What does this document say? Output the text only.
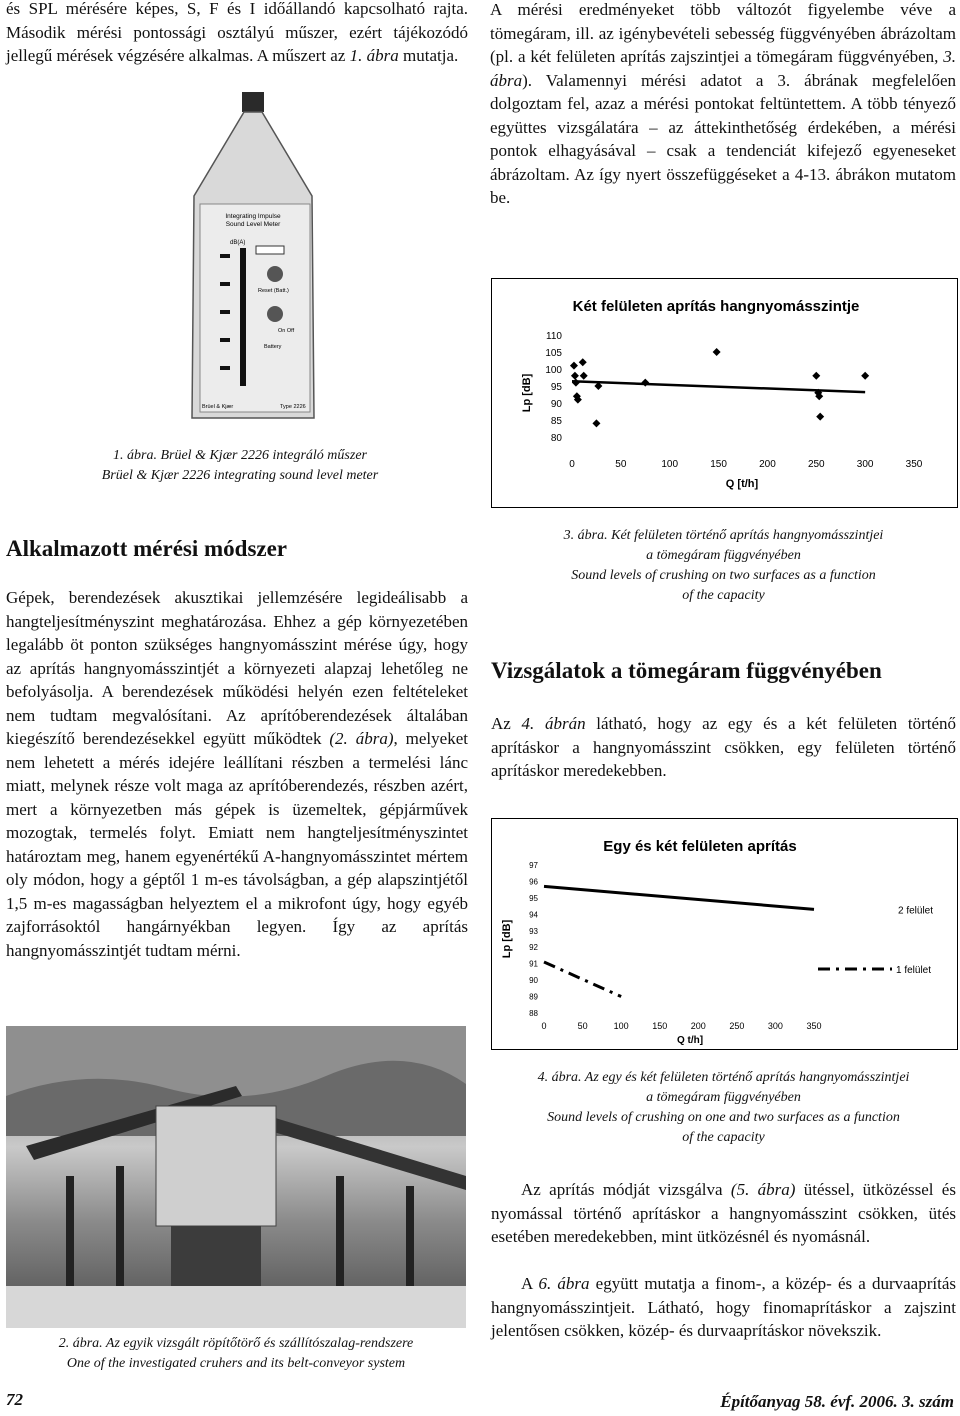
és SPL mérésére képes, S, F és I időállandó kapcsolható rajta. Második mérési pontossági osztályú műszer, ezért tájékozódó jellegű mérések végzésére alkalmas. A műszert az 1. ábra mutatja.
A mérési eredményeket több változót figyelembe véve a tömegáram, ill. az igénybevételi sebesség függvényében ábrázoltam (pl. a két felületen aprítás zajszintjei a tömegáram függvényében, 3. ábra). Valamennyi mérési adatot a 3. ábrának megfelelően dolgoztam fel, azaz a mérési pontokat feltüntettem. A több tényező együttes vizsgálatára – az áttekinthetőség érdekében, a mérési pontok elhagyásával – csak a tendenciát kifejező egyeneseket ábrázoltam. Az így nyert összefüggéseket a 4-13. ábrákon mutatom be.
Integrating Impulse
Sound Level Meter
dB(A)
Reset (Batt.)
On Off
Battery
Brüel & Kjær	Type 2226
1. ábra. Brüel & Kjær 2226 integráló műszer
Brüel & Kjær 2226 integrating sound level meter
Két felületen aprítás hangnyomásszintje
Lp [dB]
Q [t/h]
80
85
90
95
100
105
110
0	50	100	150	200	250	300	350
3. ábra. Két felületen történő aprítás hangnyomásszintjei
a tömegáram függvényében
Sound levels of crushing on two surfaces as a function
of the capacity
Alkalmazott mérési módszer
Gépek, berendezések akusztikai jellemzésére legideálisabb a hangteljesítményszint meghatározása. Ehhez a gép környezetében legalább öt ponton szükséges hangnyomásszint mérése úgy, hogy az aprítás hangnyomásszintjét a környezeti alapzaj lehetőleg ne befolyásolja. A berendezések működési helyén ezen feltételeket nem tudtam megvalósítani. Az aprítóberendezések általában kiegészítő berendezésekkel együtt működtek (2. ábra), melyeket nem lehetett a mérés idejére leállítani részben a termelési lánc miatt, melynek része volt maga az aprítóberendezés, részben azért, mert a környezetben más gépek is üzemeltek, gépjárművek mozogtak, termelés folyt. Emiatt nem hangteljesítményszintet határoztam meg, hanem egyenértékű A-hangnyomásszintet mértem oly módon, hogy a géptől 1 m-es távolságban, a gép alapszintjétől 1,5 m-es magasságban helyeztem el a mikrofont úgy, hogy egyéb zajforrásoktól hangárnyékban legyen. Így az aprítás hangnyomásszintjét tudtam mérni.
Vizsgálatok a tömegáram függvényében
Az 4. ábrán látható, hogy az egy és a két felületen történő aprításkor a hangnyomásszint csökken, egy felületen történő aprításkor meredekebben.
Egy és két felületen aprítás
Lp [dB]
Q t/h]
88
89
90
91
92
93
94
95
96
97
0	50	100	150	200	250	300	350
2 felület
1 felület
4. ábra. Az egy és két felületen történő aprítás hangnyomásszintjei
a tömegáram függvényében
Sound levels of crushing on one and two surfaces as a function
of the capacity
Az aprítás módját vizsgálva (5. ábra) ütéssel, ütközéssel és nyomással történő aprításkor a hangnyomásszint csökken, ütés esetében meredekebben, mint ütközésnél és nyomásnál.
A 6. ábra együtt mutatja a finom-, a közép- és a durvaaprítás hangnyomásszintjeit. Látható, hogy finomaprításkor a zajszint jelentősen csökken, közép- és durvaaprításkor növekszik.
2. ábra. Az egyik vizsgált röpítőtörő és szállítószalag-rendszere
One of the investigated cruhers and its belt-conveyor system
72	Építőanyag 58. évf. 2006. 3. szám
